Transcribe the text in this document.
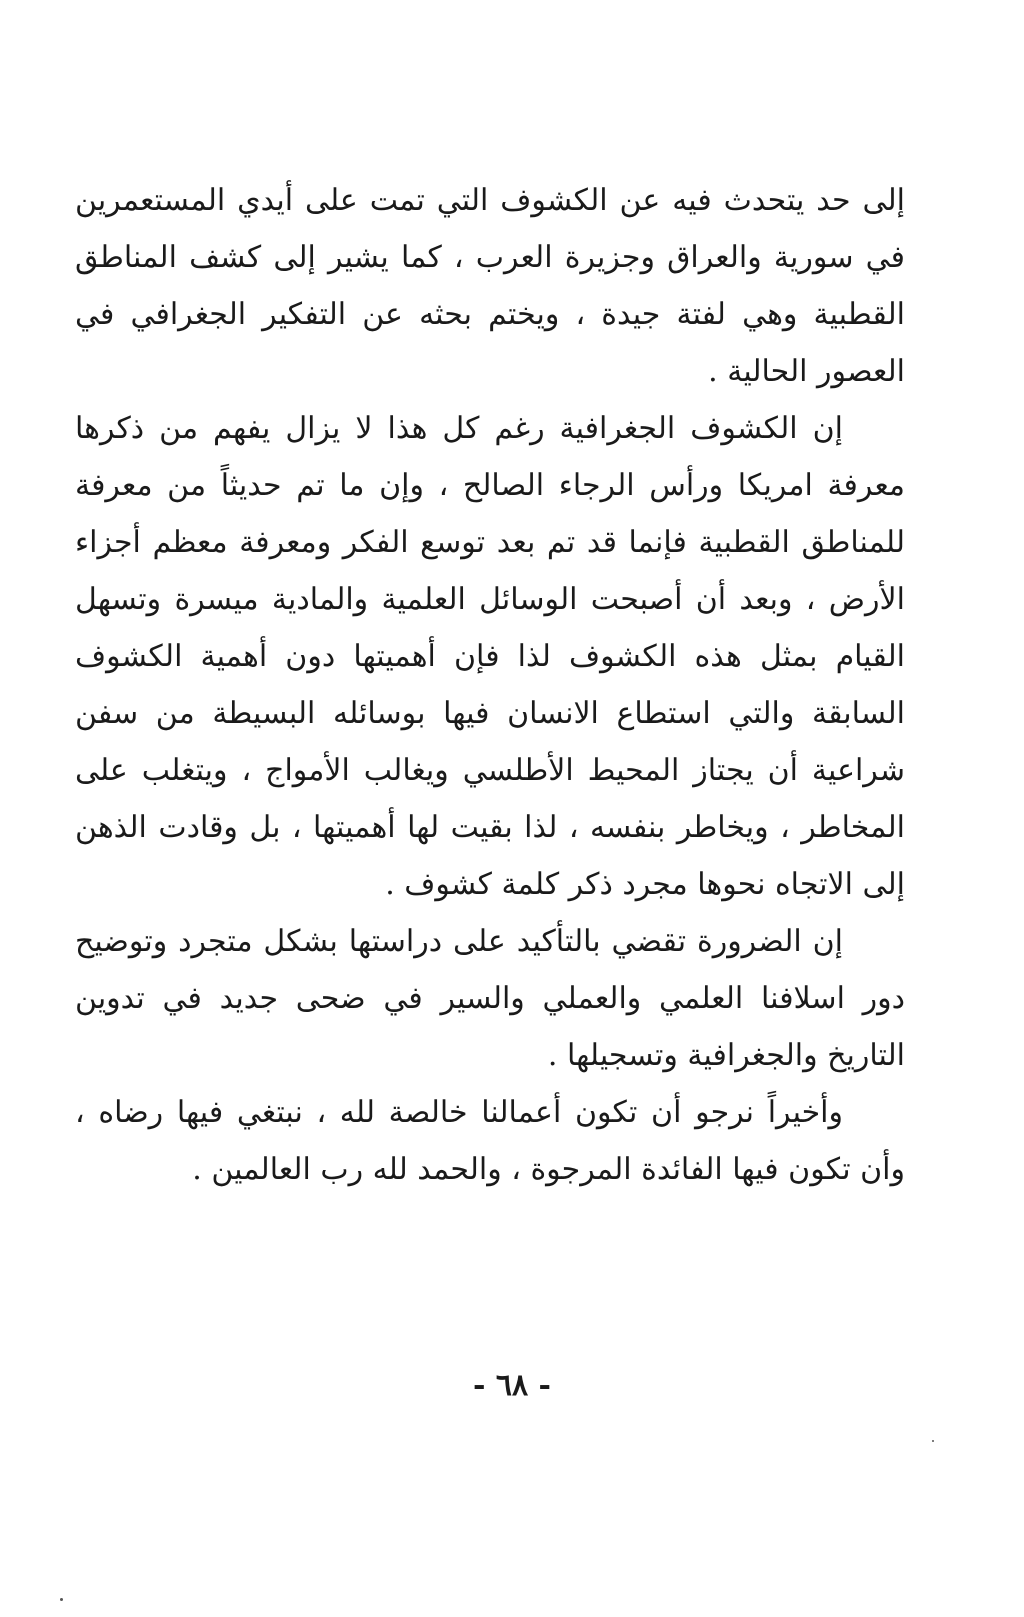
إلى حد يتحدث فيه عن الكشوف التي تمت على أيدي المستعمرين في سورية والعراق وجزيرة العرب ، كما يشير إلى كشف المناطق القطبية وهي لفتة جيدة ، ويختم بحثه عن التفكير الجغرافي في العصور الحالية .

إن الكشوف الجغرافية رغم كل هذا لا يزال يفهم من ذكرها معرفة امريكا ورأس الرجاء الصالح ، وإن ما تم حديثاً من معرفة للمناطق القطبية فإنما قد تم بعد توسع الفكر ومعرفة معظم أجزاء الأرض ، وبعد أن أصبحت الوسائل العلمية والمادية ميسرة وتسهل القيام بمثل هذه الكشوف لذا فإن أهميتها دون أهمية الكشوف السابقة والتي استطاع الانسان فيها بوسائله البسيطة من سفن شراعية أن يجتاز المحيط الأطلسي ويغالب الأمواج ، ويتغلب على المخاطر ، ويخاطر بنفسه ، لذا بقيت لها أهميتها ، بل وقادت الذهن إلى الاتجاه نحوها مجرد ذكر كلمة كشوف .

إن الضرورة تقضي بالتأكيد على دراستها بشكل متجرد وتوضيح دور اسلافنا العلمي والعملي والسير في ضحى جديد في تدوين التاريخ والجغرافية وتسجيلها .

وأخيراً نرجو أن تكون أعمالنا خالصة لله ، نبتغي فيها رضاه ، وأن تكون فيها الفائدة المرجوة ، والحمد لله رب العالمين .

- ٦٨ -
